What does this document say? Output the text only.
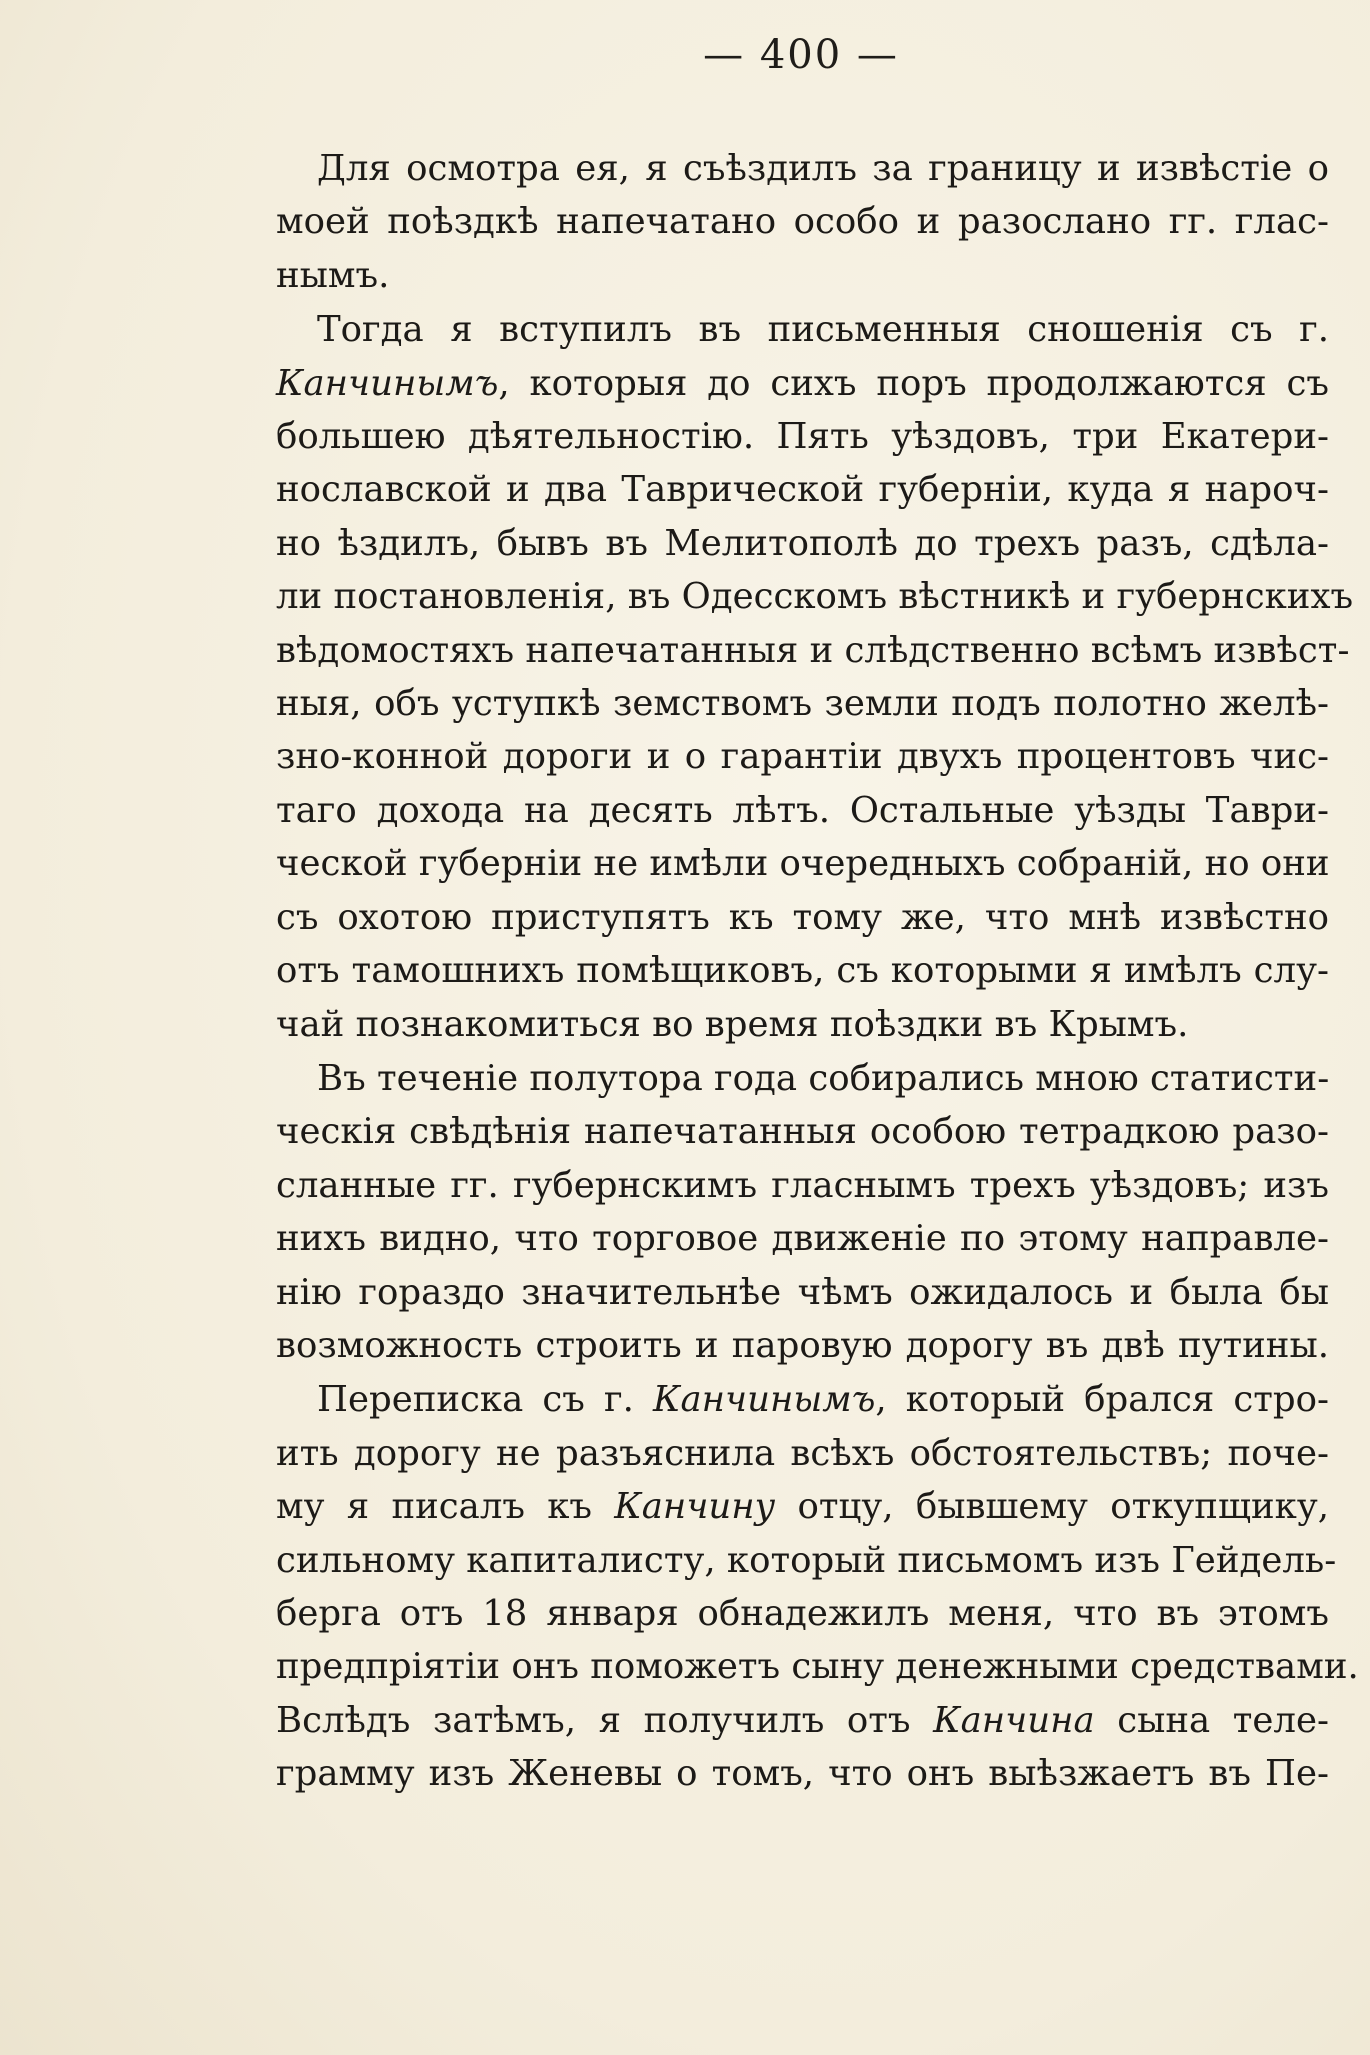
— 400 —
Для осмотра ея, я съѣздилъ за границу и извѣстіе о
моей поѣздкѣ напечатано особо и разослано гг. глас-
нымъ.
Тогда я вступилъ въ письменныя сношенія съ г.
Канчинымъ, которыя до сихъ поръ продолжаются съ
большею дѣятельностію. Пять уѣздовъ, три Екатери-
нославской и два Таврической губерніи, куда я нароч-
но ѣздилъ, бывъ въ Мелитополѣ до трехъ разъ, сдѣла-
ли постановленія, въ Одесскомъ вѣстникѣ и губернскихъ
вѣдомостяхъ напечатанныя и слѣдственно всѣмъ извѣст-
ныя, объ уступкѣ земствомъ земли подъ полотно желѣ-
зно-конной дороги и о гарантіи двухъ процентовъ чис-
таго дохода на десять лѣтъ. Остальные уѣзды Таври-
ческой губерніи не имѣли очередныхъ собраній, но они
съ охотою приступятъ къ тому же, что мнѣ извѣстно
отъ тамошнихъ помѣщиковъ, съ которыми я имѣлъ слу-
чай познакомиться во время поѣздки въ Крымъ.
Въ теченіе полутора года собирались мною статисти-
ческія свѣдѣнія напечатанныя особою тетрадкою разо-
сланные гг. губернскимъ гласнымъ трехъ уѣздовъ; изъ
нихъ видно, что торговое движеніе по этому направле-
нію гораздо значительнѣе чѣмъ ожидалось и была бы
возможность строить и паровую дорогу въ двѣ путины.
Переписка съ г. Канчинымъ, который брался стро-
ить дорогу не разъяснила всѣхъ обстоятельствъ; поче-
му я писалъ къ Канчину отцу, бывшему откупщику,
сильному капиталисту, который письмомъ изъ Гейдель-
берга отъ 18 января обнадежилъ меня, что въ этомъ
предпріятіи онъ поможетъ сыну денежными средствами.
Вслѣдъ затѣмъ, я получилъ отъ Канчина сына теле-
грамму изъ Женевы о томъ, что онъ выѣзжаетъ въ Пе-
